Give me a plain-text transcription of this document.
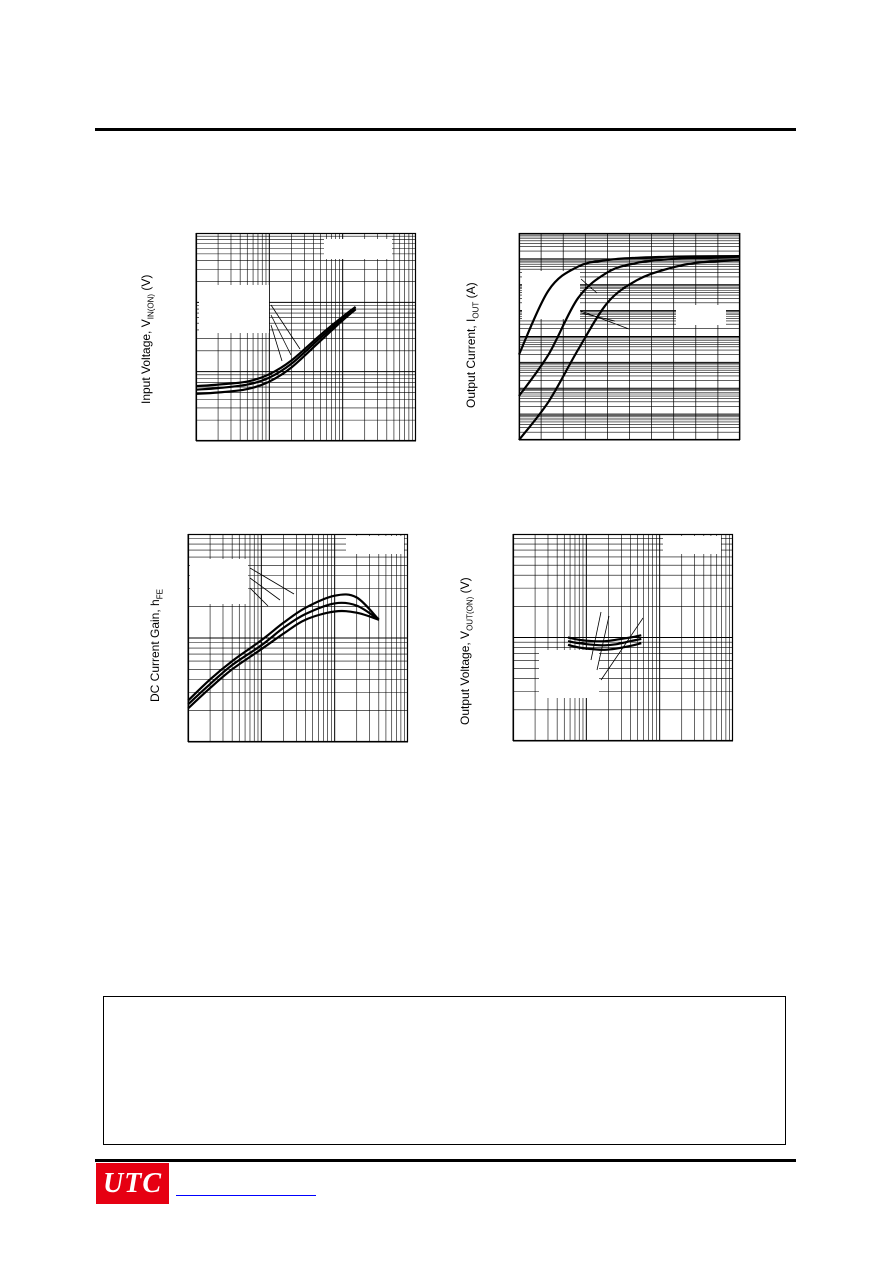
Input Voltage, $V_{IN(ON)}$ (V)
Output Current, $I_{OUT}$ (A)
DC Current Gain, $h_{FE}$
Output Voltage, $V_{OUT(ON)}$ (V)
UTC
